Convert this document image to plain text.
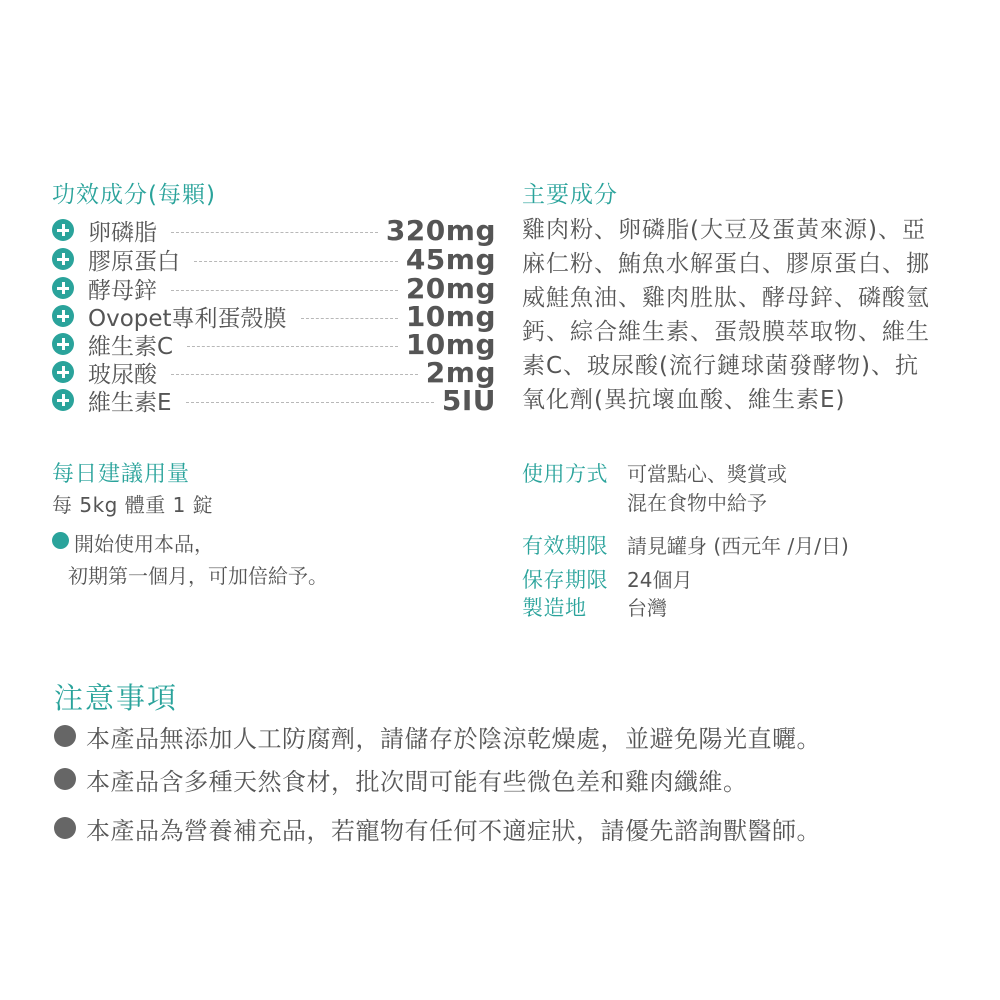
功效成分(每顆)
卵磷脂	320mg
膠原蛋白	45mg
酵母鋅	20mg
Ovopet專利蛋殼膜	10mg
維生素C	10mg
玻尿酸	2mg
維生素E	5IU
主要成分
雞肉粉、卵磷脂(大豆及蛋黃來源)、亞
麻仁粉、鮪魚水解蛋白、膠原蛋白、挪
威鮭魚油、雞肉胜肽、酵母鋅、磷酸氫
鈣、綜合維生素、蛋殼膜萃取物、維生
素C、玻尿酸(流行鏈球菌發酵物)、抗
氧化劑(異抗壞血酸、維生素E)
每日建議用量
每 5kg 體重 1 錠
開始使用本品，
初期第一個月，可加倍給予。
使用方式 可當點心、獎賞或
混在食物中給予
有效期限 請見罐身 (西元年 /月/日)
保存期限 24個月
製造地 台灣
注意事項
本產品無添加人工防腐劑，請儲存於陰涼乾燥處，並避免陽光直曬。
本產品含多種天然食材，批次間可能有些微色差和雞肉纖維。
本產品為營養補充品，若寵物有任何不適症狀，請優先諮詢獸醫師。
